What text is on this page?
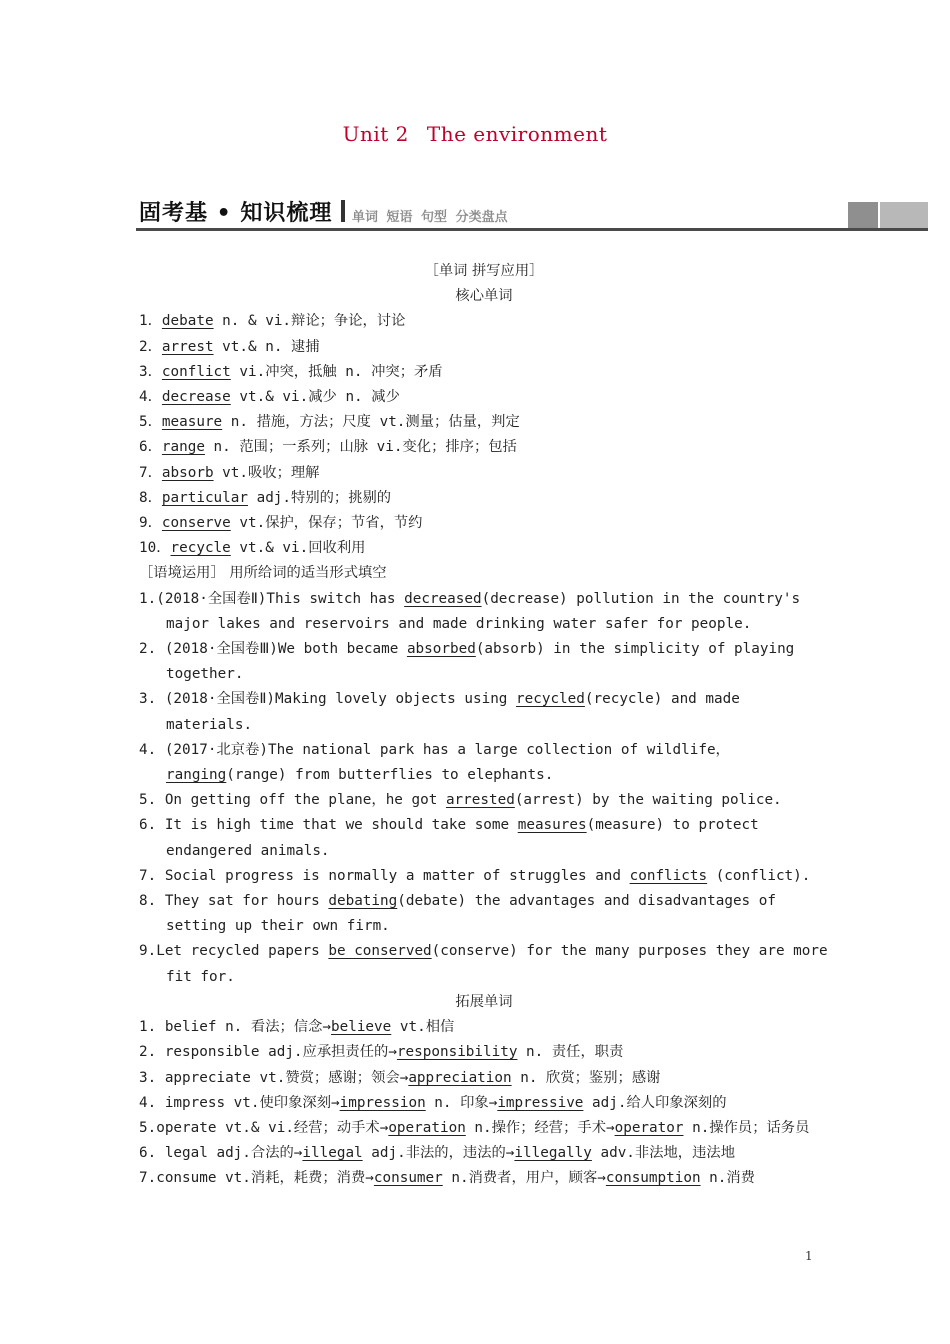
Unit 2 The environment
固考基 • 知识梳理 单词 短语 句型 分类盘点

［单词 拼写应用］

核心单词

1．debate n. & vi.辩论；争论，讨论

2．arrest vt.& n. 逮捕

3．conflict vi.冲突，抵触 n. 冲突；矛盾

4．decrease vt.& vi.减少 n. 减少

5．measure n. 措施，方法；尺度 vt.测量；估量，判定

6．range n. 范围；一系列；山脉 vi.变化；排序；包括

7．absorb vt.吸收；理解

8．particular adj.特别的；挑剔的

9．conserve vt.保护，保存；节省，节约

10．recycle vt.& vi.回收利用

［语境运用］ 用所给词的适当形式填空

1.(2018·全国卷Ⅱ)This switch has decreased(decrease) pollution in the country's major lakes and reservoirs and made drinking water safer for people.

2. (2018·全国卷Ⅲ)We both became absorbed(absorb) in the simplicity of playing together.

3. (2018·全国卷Ⅱ)Making lovely objects using recycled(recycle) and made materials.

4. (2017·北京卷)The national park has a large collection of wildlife，ranging(range) from butterflies to elephants.

5. On getting off the plane，he got arrested(arrest) by the waiting police.

6. It is high time that we should take some measures(measure) to protect endangered animals.

7. Social progress is normally a matter of struggles and conflicts (conflict).

8. They sat for hours debating(debate) the advantages and disadvantages of setting up their own firm.

9.Let recycled papers be conserved(conserve) for the many purposes they are more fit for.

拓展单词

1. belief n. 看法；信念→believe vt.相信

2. responsible adj.应承担责任的→responsibility n. 责任，职责

3. appreciate vt.赞赏；感谢；领会→appreciation n. 欣赏；鉴别；感谢

4. impress vt.使印象深刻→impression n. 印象→impressive adj.给人印象深刻的

5.operate vt.& vi.经营；动手术→operation n.操作；经营；手术→operator n.操作员；话务员

6. legal adj.合法的→illegal adj.非法的，违法的→illegally adv.非法地，违法地

7.consume vt.消耗，耗费；消费→consumer n.消费者，用户，顾客→consumption n.消费

1
